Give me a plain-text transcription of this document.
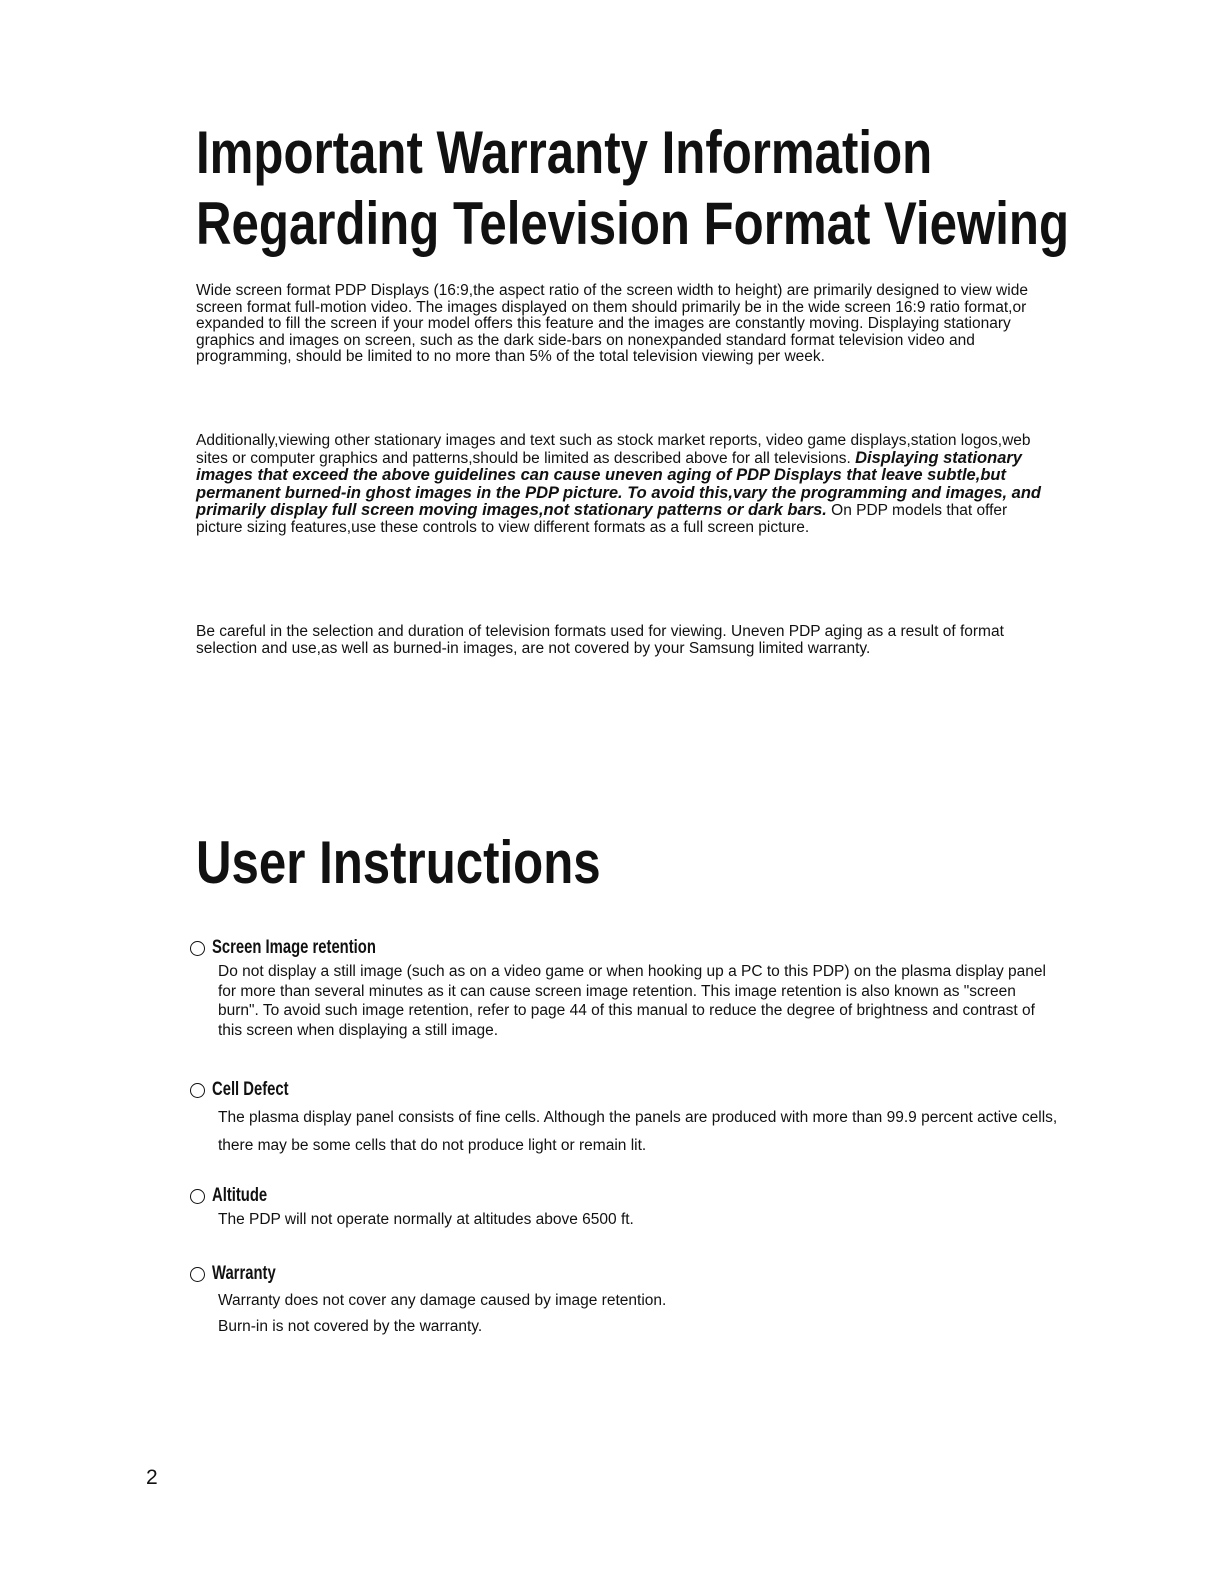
Important Warranty Information
Regarding Television Format Viewing

Wide screen format PDP Displays (16:9,the aspect ratio of the screen width to height) are primarily designed to view wide screen format full-motion video. The images displayed on them should primarily be in the wide screen 16:9 ratio format,or expanded to fill the screen if your model offers this feature and the images are constantly moving. Displaying stationary graphics and images on screen, such as the dark side-bars on nonexpanded standard format television video and programming, should be limited to no more than 5% of the total television viewing per week.

Additionally,viewing other stationary images and text such as stock market reports, video game displays,station logos,web sites or computer graphics and patterns,should be limited as described above for all televisions. Displaying stationary images that exceed the above guidelines can cause uneven aging of PDP Displays that leave subtle,but permanent burned-in ghost images in the PDP picture. To avoid this,vary the programming and images, and primarily display full screen moving images,not stationary patterns or dark bars. On PDP models that offer picture sizing features,use these controls to view different formats as a full screen picture.

Be careful in the selection and duration of television formats used for viewing. Uneven PDP aging as a result of format selection and use,as well as burned-in images, are not covered by your Samsung limited warranty.

User Instructions
Screen Image retention
Do not display a still image (such as on a video game or when hooking up a PC to this PDP) on the plasma display panel for more than several minutes as it can cause screen image retention. This image retention is also known as "screen burn". To avoid such image retention, refer to page 44 of this manual to reduce the degree of brightness and contrast of this screen when displaying a still image.
Cell Defect
The plasma display panel consists of fine cells. Although the panels are produced with more than 99.9 percent active cells, there may be some cells that do not produce light or remain lit.
Altitude
The PDP will not operate normally at altitudes above 6500 ft.
Warranty
Warranty does not cover any damage caused by image retention.
Burn-in is not covered by the warranty.
2
